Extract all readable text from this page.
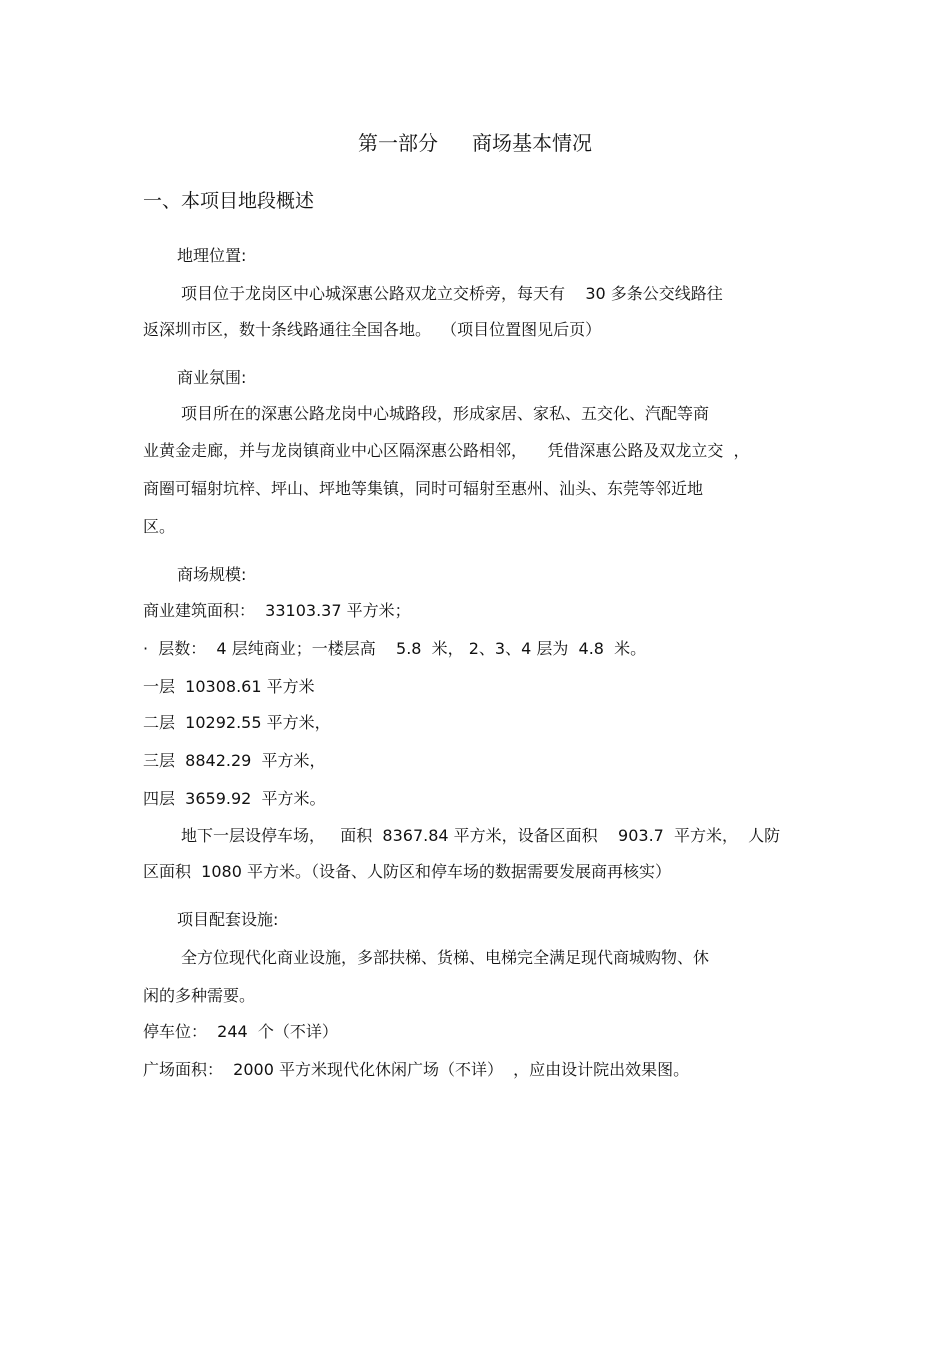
第一部分 商场基本情况
一、本项目地段概述
地理位置:
项目位于龙岗区中心城深惠公路双龙立交桥旁，每天有    30 多条公交线路往
返深圳市区，数十条线路通往全国各地。  （项目位置图见后页）
商业氛围:
项目所在的深惠公路龙岗中心城路段，形成家居、家私、五交化、汽配等商
业黄金走廊，并与龙岗镇商业中心区隔深惠公路相邻，    凭借深惠公路及双龙立交  ，
商圈可辐射坑梓、坪山、坪地等集镇，同时可辐射至惠州、汕头、东莞等邻近地
区。
商场规模:
商业建筑面积：  33103.37 平方米；
·  层数：  4 层纯商业；一楼层高    5.8  米， 2、3、4 层为  4.8  米。
一层  10308.61 平方米
二层  10292.55 平方米，
三层  8842.29  平方米，
四层  3659.92  平方米。
地下一层设停车场，   面积  8367.84 平方米，设备区面积    903.7  平方米，  人防
区面积  1080 平方米。（设备、人防区和停车场的数据需要发展商再核实）
项目配套设施:
全方位现代化商业设施，多部扶梯、货梯、电梯完全满足现代商城购物、休
闲的多种需要。
停车位：  244  个（不详）
广场面积：  2000 平方米现代化休闲广场（不详）  ，应由设计院出效果图。
